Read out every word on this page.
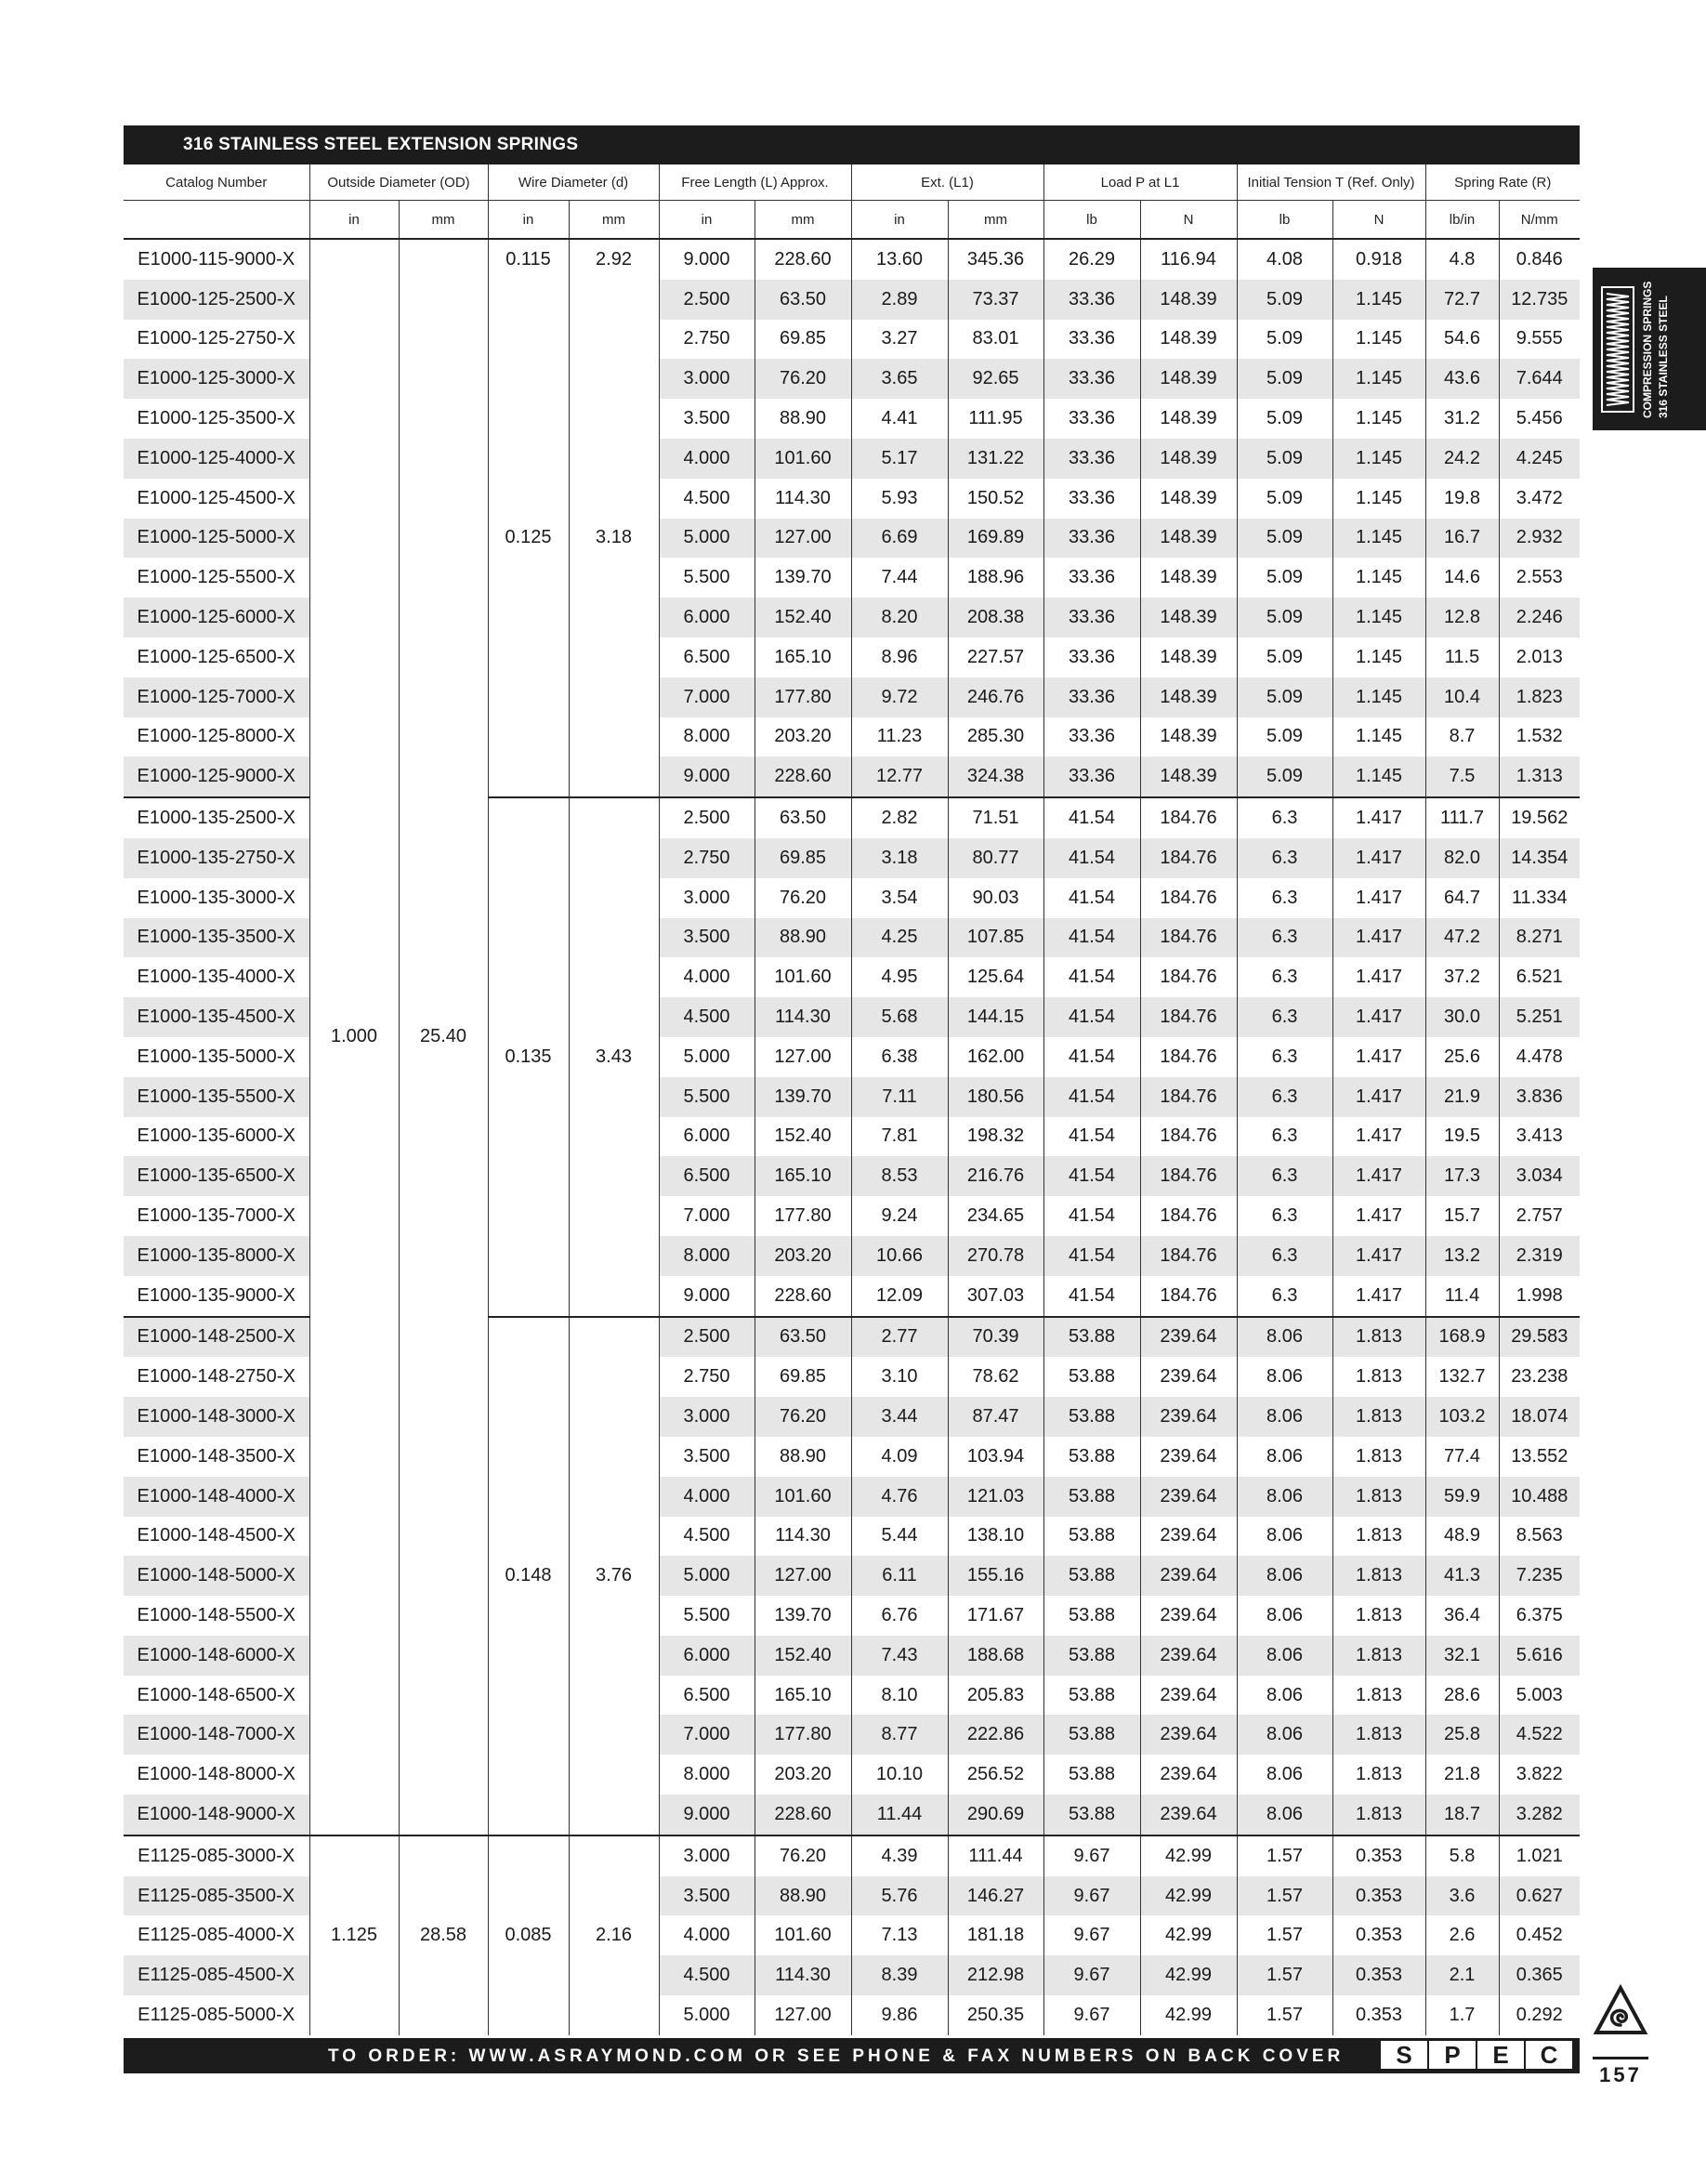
316 STAINLESS STEEL EXTENSION SPRINGS
Catalog Number	Outside Diameter (OD)		Wire Diameter (d)		Free Length (L) Approx.		Ext. (L1)		Load P at L1		Initial Tension T (Ref. Only)		Spring Rate (R)	
	in	mm	in	mm	in	mm	in	mm	lb	N	lb	N	lb/in	N/mm
E1000-115-9000-X	1.000	25.40	0.115	2.92	9.000	228.60	13.60	345.36	26.29	116.94	4.08	0.918	4.8	0.846
E1000-125-2500-X			0.125	3.18	2.500	63.50	2.89	73.37	33.36	148.39	5.09	1.145	72.7	12.735
E1000-125-2750-X					2.750	69.85	3.27	83.01	33.36	148.39	5.09	1.145	54.6	9.555
E1000-125-3000-X					3.000	76.20	3.65	92.65	33.36	148.39	5.09	1.145	43.6	7.644
E1000-125-3500-X					3.500	88.90	4.41	111.95	33.36	148.39	5.09	1.145	31.2	5.456
E1000-125-4000-X					4.000	101.60	5.17	131.22	33.36	148.39	5.09	1.145	24.2	4.245
E1000-125-4500-X					4.500	114.30	5.93	150.52	33.36	148.39	5.09	1.145	19.8	3.472
E1000-125-5000-X					5.000	127.00	6.69	169.89	33.36	148.39	5.09	1.145	16.7	2.932
E1000-125-5500-X					5.500	139.70	7.44	188.96	33.36	148.39	5.09	1.145	14.6	2.553
E1000-125-6000-X					6.000	152.40	8.20	208.38	33.36	148.39	5.09	1.145	12.8	2.246
E1000-125-6500-X					6.500	165.10	8.96	227.57	33.36	148.39	5.09	1.145	11.5	2.013
E1000-125-7000-X					7.000	177.80	9.72	246.76	33.36	148.39	5.09	1.145	10.4	1.823
E1000-125-8000-X					8.000	203.20	11.23	285.30	33.36	148.39	5.09	1.145	8.7	1.532
E1000-125-9000-X					9.000	228.60	12.77	324.38	33.36	148.39	5.09	1.145	7.5	1.313
E1000-135-2500-X			0.135	3.43	2.500	63.50	2.82	71.51	41.54	184.76	6.3	1.417	111.7	19.562
E1000-135-2750-X					2.750	69.85	3.18	80.77	41.54	184.76	6.3	1.417	82.0	14.354
E1000-135-3000-X					3.000	76.20	3.54	90.03	41.54	184.76	6.3	1.417	64.7	11.334
E1000-135-3500-X					3.500	88.90	4.25	107.85	41.54	184.76	6.3	1.417	47.2	8.271
E1000-135-4000-X					4.000	101.60	4.95	125.64	41.54	184.76	6.3	1.417	37.2	6.521
E1000-135-4500-X					4.500	114.30	5.68	144.15	41.54	184.76	6.3	1.417	30.0	5.251
E1000-135-5000-X					5.000	127.00	6.38	162.00	41.54	184.76	6.3	1.417	25.6	4.478
E1000-135-5500-X					5.500	139.70	7.11	180.56	41.54	184.76	6.3	1.417	21.9	3.836
E1000-135-6000-X					6.000	152.40	7.81	198.32	41.54	184.76	6.3	1.417	19.5	3.413
E1000-135-6500-X					6.500	165.10	8.53	216.76	41.54	184.76	6.3	1.417	17.3	3.034
E1000-135-7000-X					7.000	177.80	9.24	234.65	41.54	184.76	6.3	1.417	15.7	2.757
E1000-135-8000-X					8.000	203.20	10.66	270.78	41.54	184.76	6.3	1.417	13.2	2.319
E1000-135-9000-X					9.000	228.60	12.09	307.03	41.54	184.76	6.3	1.417	11.4	1.998
E1000-148-2500-X			0.148	3.76	2.500	63.50	2.77	70.39	53.88	239.64	8.06	1.813	168.9	29.583
E1000-148-2750-X					2.750	69.85	3.10	78.62	53.88	239.64	8.06	1.813	132.7	23.238
E1000-148-3000-X					3.000	76.20	3.44	87.47	53.88	239.64	8.06	1.813	103.2	18.074
E1000-148-3500-X					3.500	88.90	4.09	103.94	53.88	239.64	8.06	1.813	77.4	13.552
E1000-148-4000-X					4.000	101.60	4.76	121.03	53.88	239.64	8.06	1.813	59.9	10.488
E1000-148-4500-X					4.500	114.30	5.44	138.10	53.88	239.64	8.06	1.813	48.9	8.563
E1000-148-5000-X					5.000	127.00	6.11	155.16	53.88	239.64	8.06	1.813	41.3	7.235
E1000-148-5500-X					5.500	139.70	6.76	171.67	53.88	239.64	8.06	1.813	36.4	6.375
E1000-148-6000-X					6.000	152.40	7.43	188.68	53.88	239.64	8.06	1.813	32.1	5.616
E1000-148-6500-X					6.500	165.10	8.10	205.83	53.88	239.64	8.06	1.813	28.6	5.003
E1000-148-7000-X					7.000	177.80	8.77	222.86	53.88	239.64	8.06	1.813	25.8	4.522
E1000-148-8000-X					8.000	203.20	10.10	256.52	53.88	239.64	8.06	1.813	21.8	3.822
E1000-148-9000-X					9.000	228.60	11.44	290.69	53.88	239.64	8.06	1.813	18.7	3.282
E1125-085-3000-X	1.125	28.58	0.085	2.16	3.000	76.20	4.39	111.44	9.67	42.99	1.57	0.353	5.8	1.021
E1125-085-3500-X					3.500	88.90	5.76	146.27	9.67	42.99	1.57	0.353	3.6	0.627
E1125-085-4000-X					4.000	101.60	7.13	181.18	9.67	42.99	1.57	0.353	2.6	0.452
E1125-085-4500-X					4.500	114.30	8.39	212.98	9.67	42.99	1.57	0.353	2.1	0.365
E1125-085-5000-X					5.000	127.00	9.86	250.35	9.67	42.99	1.57	0.353	1.7	0.292
TO ORDER: WWW.ASRAYMOND.COM OR SEE PHONE & FAX NUMBERS ON BACK COVER	S	P	E	C
157
COMPRESSION SPRINGS 316 STAINLESS STEEL
